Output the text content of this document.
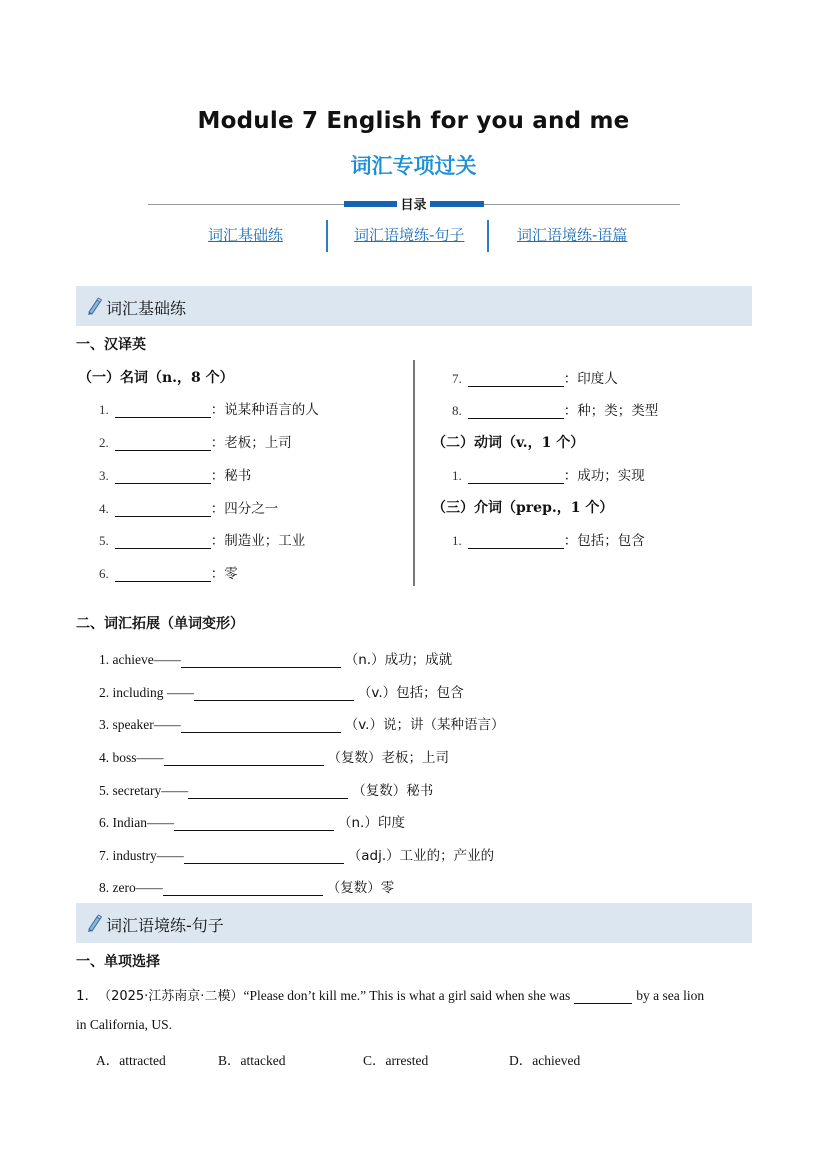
Module 7 English for you and me
词汇专项过关
目录
词汇基础练	词汇语境练-句子	词汇语境练-语篇
词汇基础练
一、汉译英
（一）名词（n.，8 个）
1.	：说某种语言的人
2.	：老板；上司
3.	：秘书
4.	：四分之一
5.	：制造业；工业
6.	：零
7.	：印度人
8.	：种；类；类型
（二）动词（v.，1 个）
1.	：成功；实现
（三）介词（prep.，1 个）
1.	：包括；包含
二、词汇拓展（单词变形）
1. achieve——	（n.）成功；成就
2. including ——	（v.）包括；包含
3. speaker——	（v.）说；讲（某种语言）
4. boss——	（复数）老板；上司
5. secretary——	（复数）秘书
6. Indian——	（n.）印度
7. industry——	（adj.）工业的；产业的
8. zero——	（复数）零
词汇语境练-句子
一、单项选择
1． （2025·江苏南京·二模） “Please don’t kill me.” This is what a girl said when she was	by a sea lion
in California, US.
A．attracted	B．attacked	C．arrested	D．achieved
